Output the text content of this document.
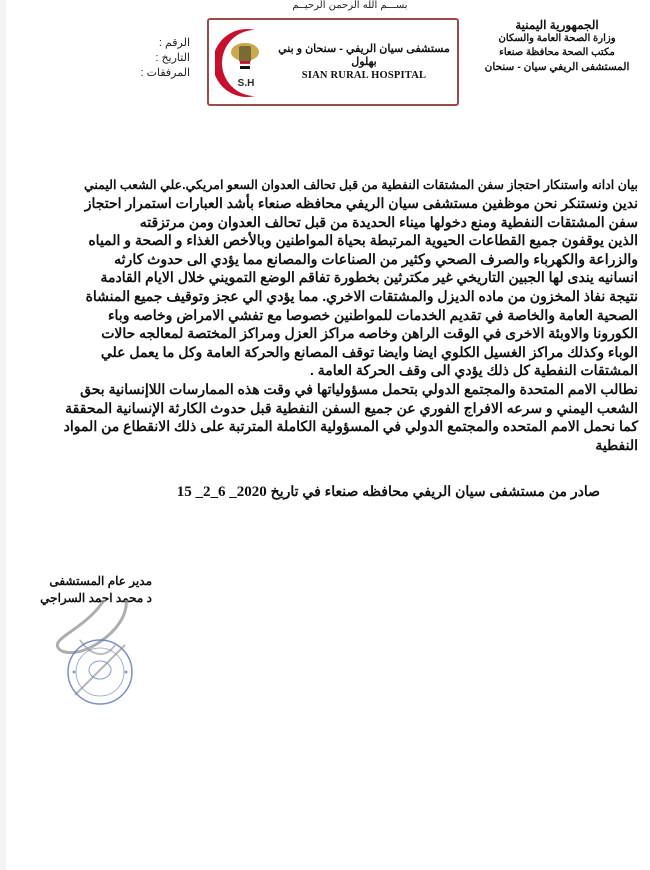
بســـم الله الرحمن الرحيــم
الجمهورية اليمنية
وزارة الصحة العامة والسكان
مكتب الصحة محافظة صنعاء
المستشفى الريفي سيان - سنحان
S.H
مستشفى سيان الريفي - سنحان و بني بهلول
SIAN RURAL HOSPITAL
الرقم :
التاريخ :
المرفقات :
بيان ادانه واستنكار احتجاز سفن المشتقات النفطية من قبل تحالف العدوان السعو امريكي.علي الشعب اليمني
ندين ونستنكر نحن موظفين مستشفى سيان الريفي محافظه صنعاء بأشد العبارات استمرار احتجاز
سفن المشتقات النفطية ومنع دخولها ميناء الحديدة من قبل تحالف العدوان ومن مرتزقته
الذين يوقفون جميع القطاعات الحيوية المرتبطة بحياة المواطنين وبالأخص الغذاء و الصحة و المياه
والزراعة والكهرباء والصرف الصحي وكثير من الصناعات والمصانع مما يؤدي الى حدوث كارثه
انسانيه يندى لها الجبين التاريخي غير مكترثين بخطورة تفاقم الوضع التمويني خلال الايام القادمة
نتيجة نفاذ المخزون من ماده الديزل والمشتقات الاخري. مما يؤدي الي عجز وتوقيف جميع المنشاة
الصحية العامة والخاصة في تقديم الخدمات للمواطنين خصوصا مع تفشي الامراض وخاصه وباء
الكورونا والاوبئة الاخرى في الوقت الراهن وخاصه مراكز العزل ومراكز المختصة لمعالجه حالات
الوباء وكذلك مراكز الغسيل الكلوي ايضا وايضا توقف المصانع والحركة العامة وكل ما يعمل علي
المشتقات النفطية كل ذلك يؤدي الى وقف الحركة العامة .
نطالب الامم المتحدة والمجتمع الدولي بتحمل مسؤولياتها في وقت هذه الممارسات اللاإنسانية بحق
الشعب اليمني و سرعه الافراج الفوري عن جميع السفن النفطية قبل حدوث الكارثة الإنسانية المحققة
كما نحمل الامم المتحده والمجتمع الدولي في المسؤولية الكاملة المترتبة على ذلك الانقطاع من المواد
النفطية
صادر من مستشفى سيان الريفي محافظه صنعاء في تاريخ 15 _2_6 _2020
مدير عام المستشفى
د محمد احمد السراجي
